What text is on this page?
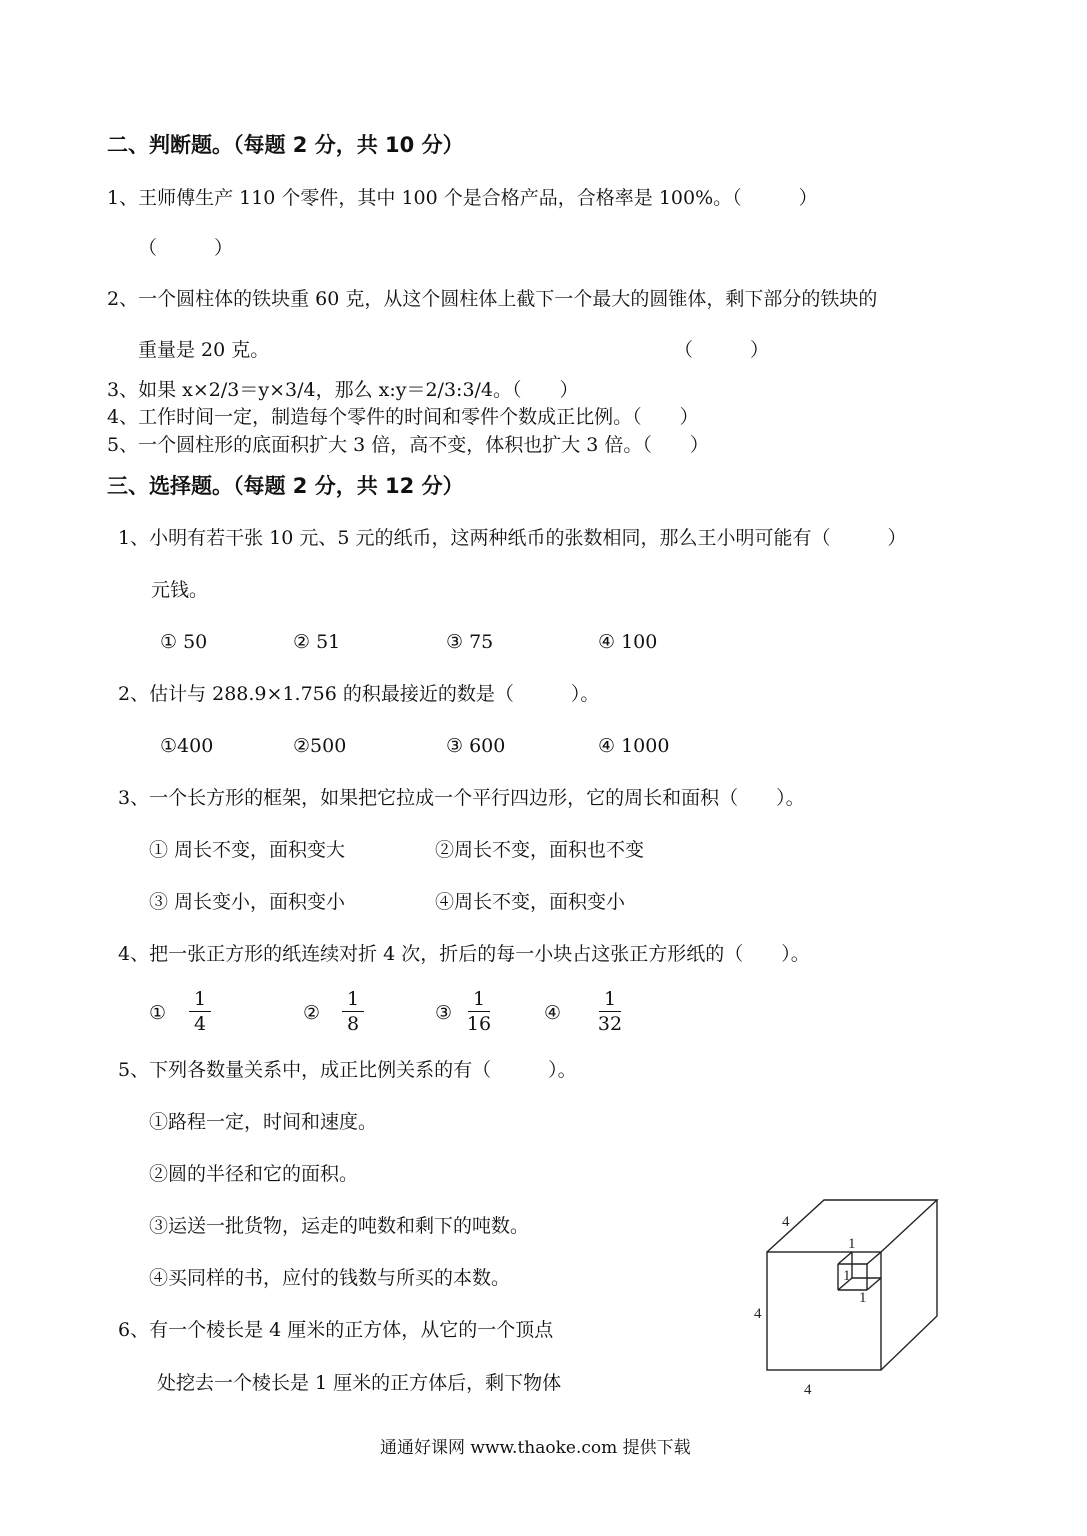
二、判断题。（每题 2 分，共 10 分）
1、王师傅生产 110 个零件，其中 100 个是合格产品，合格率是 100%。（　　　）
（　　　）
2、一个圆柱体的铁块重 60 克，从这个圆柱体上截下一个最大的圆锥体，剩下部分的铁块的
重量是 20 克。	（　　　）
3、如果 x×2/3＝y×3/4，那么 x:y＝2/3:3/4。（　　）
4、工作时间一定，制造每个零件的时间和零件个数成正比例。（　　）
5、一个圆柱形的底面积扩大 3 倍，高不变，体积也扩大 3 倍。（　　）
三、选择题。（每题 2 分，共 12 分）
1、小明有若干张 10 元、5 元的纸币，这两种纸币的张数相同，那么王小明可能有（　　　）
元钱。
① 50	② 51	③ 75	④ 100
2、估计与 288.9×1.756 的积最接近的数是（　　　）。
①400	②500	③ 600	④ 1000
3、一个长方形的框架，如果把它拉成一个平行四边形，它的周长和面积（　　）。
① 周长不变，面积变大	②周长不变，面积也不变
③ 周长变小，面积变小	④周长不变，面积变小
4、把一张正方形的纸连续对折 4 次，折后的每一小块占这张正方形纸的（　　）。
①
1
4	②
1
8	③
1
16	④
1
32
5、下列各数量关系中，成正比例关系的有（　　　）。
①路程一定，时间和速度。
②圆的半径和它的面积。
③运送一批货物，运走的吨数和剩下的吨数。
④买同样的书，应付的钱数与所买的本数。
6、有一个棱长是 4 厘米的正方体，从它的一个顶点
处挖去一个棱长是 1 厘米的正方体后，剩下物体
4
4
4
1
1
1
通通好课网 www.thaoke.com 提供下载
